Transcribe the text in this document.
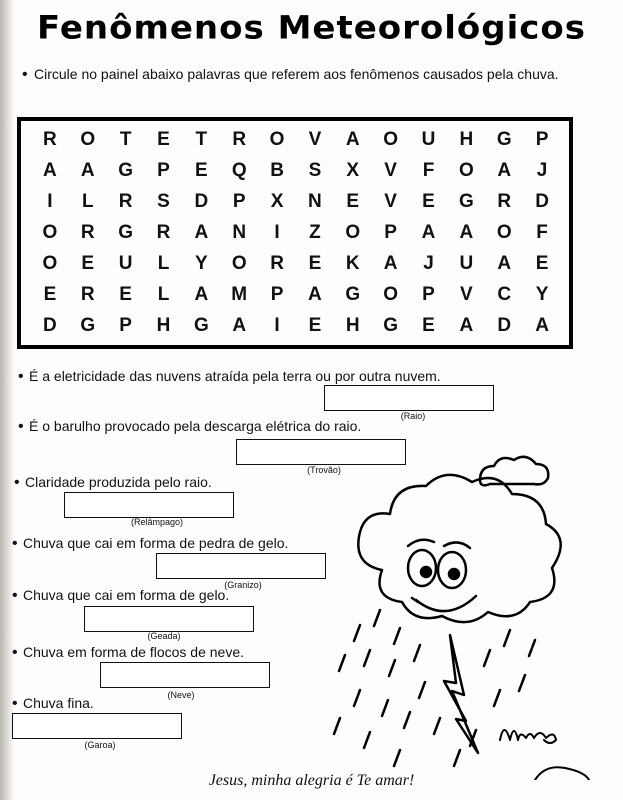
Fenômenos Meteorológicos
• Circule no painel abaixo palavras que referem aos fenômenos causados pela chuva.
R	O	T	E	T	R	O	V	A	O	U	H	G	P
A	A	G	P	E	Q	B	S	X	V	F	O	A	J
I	L	R	S	D	P	X	N	E	V	E	G	R	D
O	R	G	R	A	N	I	Z	O	P	A	A	O	F
O	E	U	L	Y	O	R	E	K	A	J	U	A	E
E	R	E	L	A	M	P	A	G	O	P	V	C	Y
D	G	P	H	G	A	I	E	H	G	E	A	D	A
• É a eletricidade das nuvens atraída pela terra ou por outra nuvem.
(Raio)
• É o barulho provocado pela descarga elétrica do raio.
(Trovão)
• Claridade produzida pelo raio.
(Relâmpago)
• Chuva que cai em forma de pedra de gelo.
(Granizo)
• Chuva que cai em forma de gelo.
(Geada)
• Chuva em forma de flocos de neve.
(Neve)
• Chuva fina.
(Garoa)
Jesus, minha alegria é Te amar!
